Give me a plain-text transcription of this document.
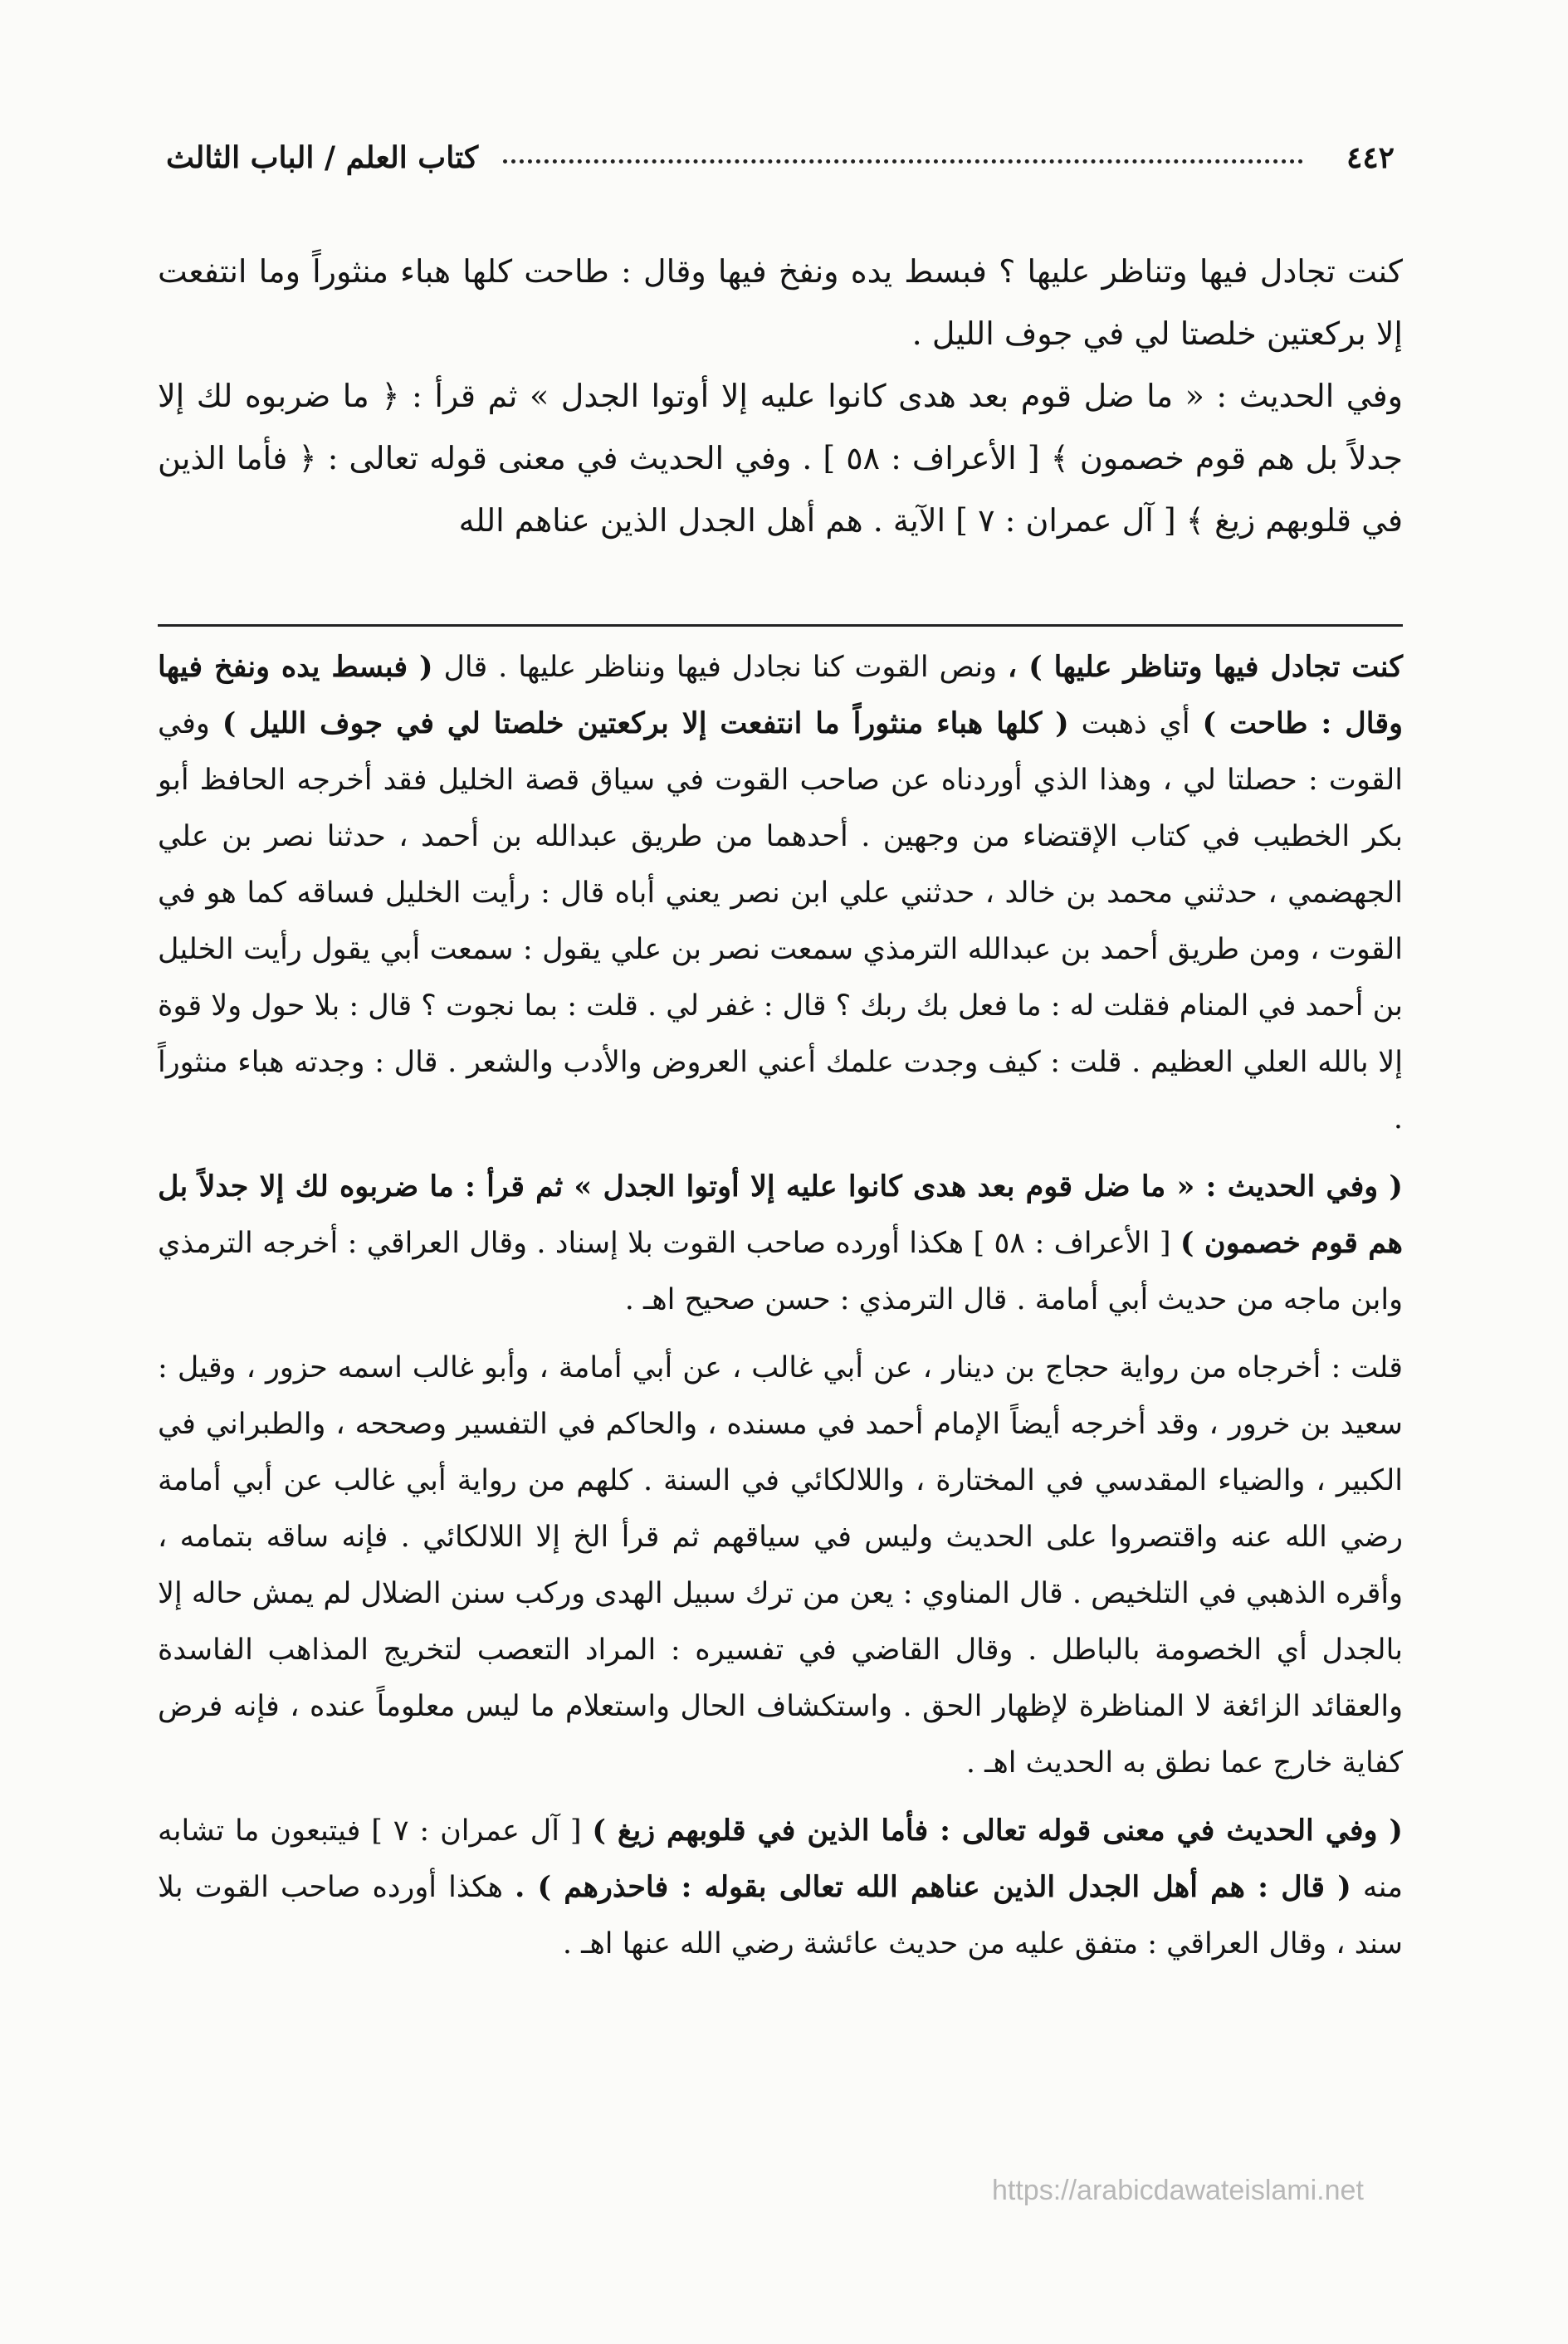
٤٤٢
كتاب العلم / الباب الثالث

كنت تجادل فيها وتناظر عليها ؟ فبسط يده ونفخ فيها وقال : طاحت كلها هباء منثوراً وما انتفعت إلا بركعتين خلصتا لي في جوف الليل .

وفي الحديث : « ما ضل قوم بعد هدى كانوا عليه إلا أوتوا الجدل » ثم قرأ : ﴿ ما ضربوه لك إلا جدلاً بل هم قوم خصمون ﴾ [ الأعراف : ٥٨ ] . وفي الحديث في معنى قوله تعالى : ﴿ فأما الذين في قلوبهم زيغ ﴾ [ آل عمران : ٧ ] الآية . هم أهل الجدل الذين عناهم الله

كنت تجادل فيها وتناظر عليها ) ، ونص القوت كنا نجادل فيها ونناظر عليها . قال ( فبسط يده ونفخ فيها وقال : طاحت ) أي ذهبت ( كلها هباء منثوراً ما انتفعت إلا بركعتين خلصتا لي في جوف الليل ) وفي القوت : حصلتا لي ، وهذا الذي أوردناه عن صاحب القوت في سياق قصة الخليل فقد أخرجه الحافظ أبو بكر الخطيب في كتاب الإقتضاء من وجهين . أحدهما من طريق عبدالله بن أحمد ، حدثنا نصر بن علي الجهضمي ، حدثني محمد بن خالد ، حدثني علي ابن نصر يعني أباه قال : رأيت الخليل فساقه كما هو في القوت ، ومن طريق أحمد بن عبدالله الترمذي سمعت نصر بن علي يقول : سمعت أبي يقول رأيت الخليل بن أحمد في المنام فقلت له : ما فعل بك ربك ؟ قال : غفر لي . قلت : بما نجوت ؟ قال : بلا حول ولا قوة إلا بالله العلي العظيم . قلت : كيف وجدت علمك أعني العروض والأدب والشعر . قال : وجدته هباء منثوراً .

( وفي الحديث : « ما ضل قوم بعد هدى كانوا عليه إلا أوتوا الجدل » ثم قرأ : ما ضربوه لك إلا جدلاً بل هم قوم خصمون ) [ الأعراف : ٥٨ ] هكذا أورده صاحب القوت بلا إسناد . وقال العراقي : أخرجه الترمذي وابن ماجه من حديث أبي أمامة . قال الترمذي : حسن صحيح اهـ .

قلت : أخرجاه من رواية حجاج بن دينار ، عن أبي غالب ، عن أبي أمامة ، وأبو غالب اسمه حزور ، وقيل : سعيد بن خرور ، وقد أخرجه أيضاً الإمام أحمد في مسنده ، والحاكم في التفسير وصححه ، والطبراني في الكبير ، والضياء المقدسي في المختارة ، واللالكائي في السنة . كلهم من رواية أبي غالب عن أبي أمامة رضي الله عنه واقتصروا على الحديث وليس في سياقهم ثم قرأ الخ إلا اللالكائي . فإنه ساقه بتمامه ، وأقره الذهبي في التلخيص . قال المناوي : يعن من ترك سبيل الهدى وركب سنن الضلال لم يمش حاله إلا بالجدل أي الخصومة بالباطل . وقال القاضي في تفسيره : المراد التعصب لتخريج المذاهب الفاسدة والعقائد الزائغة لا المناظرة لإظهار الحق . واستكشاف الحال واستعلام ما ليس معلوماً عنده ، فإنه فرض كفاية خارج عما نطق به الحديث اهـ .

( وفي الحديث في معنى قوله تعالى : فأما الذين في قلوبهم زيغ ) [ آل عمران : ٧ ] فيتبعون ما تشابه منه ( قال : هم أهل الجدل الذين عناهم الله تعالى بقوله : فاحذرهم ) . هكذا أورده صاحب القوت بلا سند ، وقال العراقي : متفق عليه من حديث عائشة رضي الله عنها اهـ .

https://arabicdawateislami.net
